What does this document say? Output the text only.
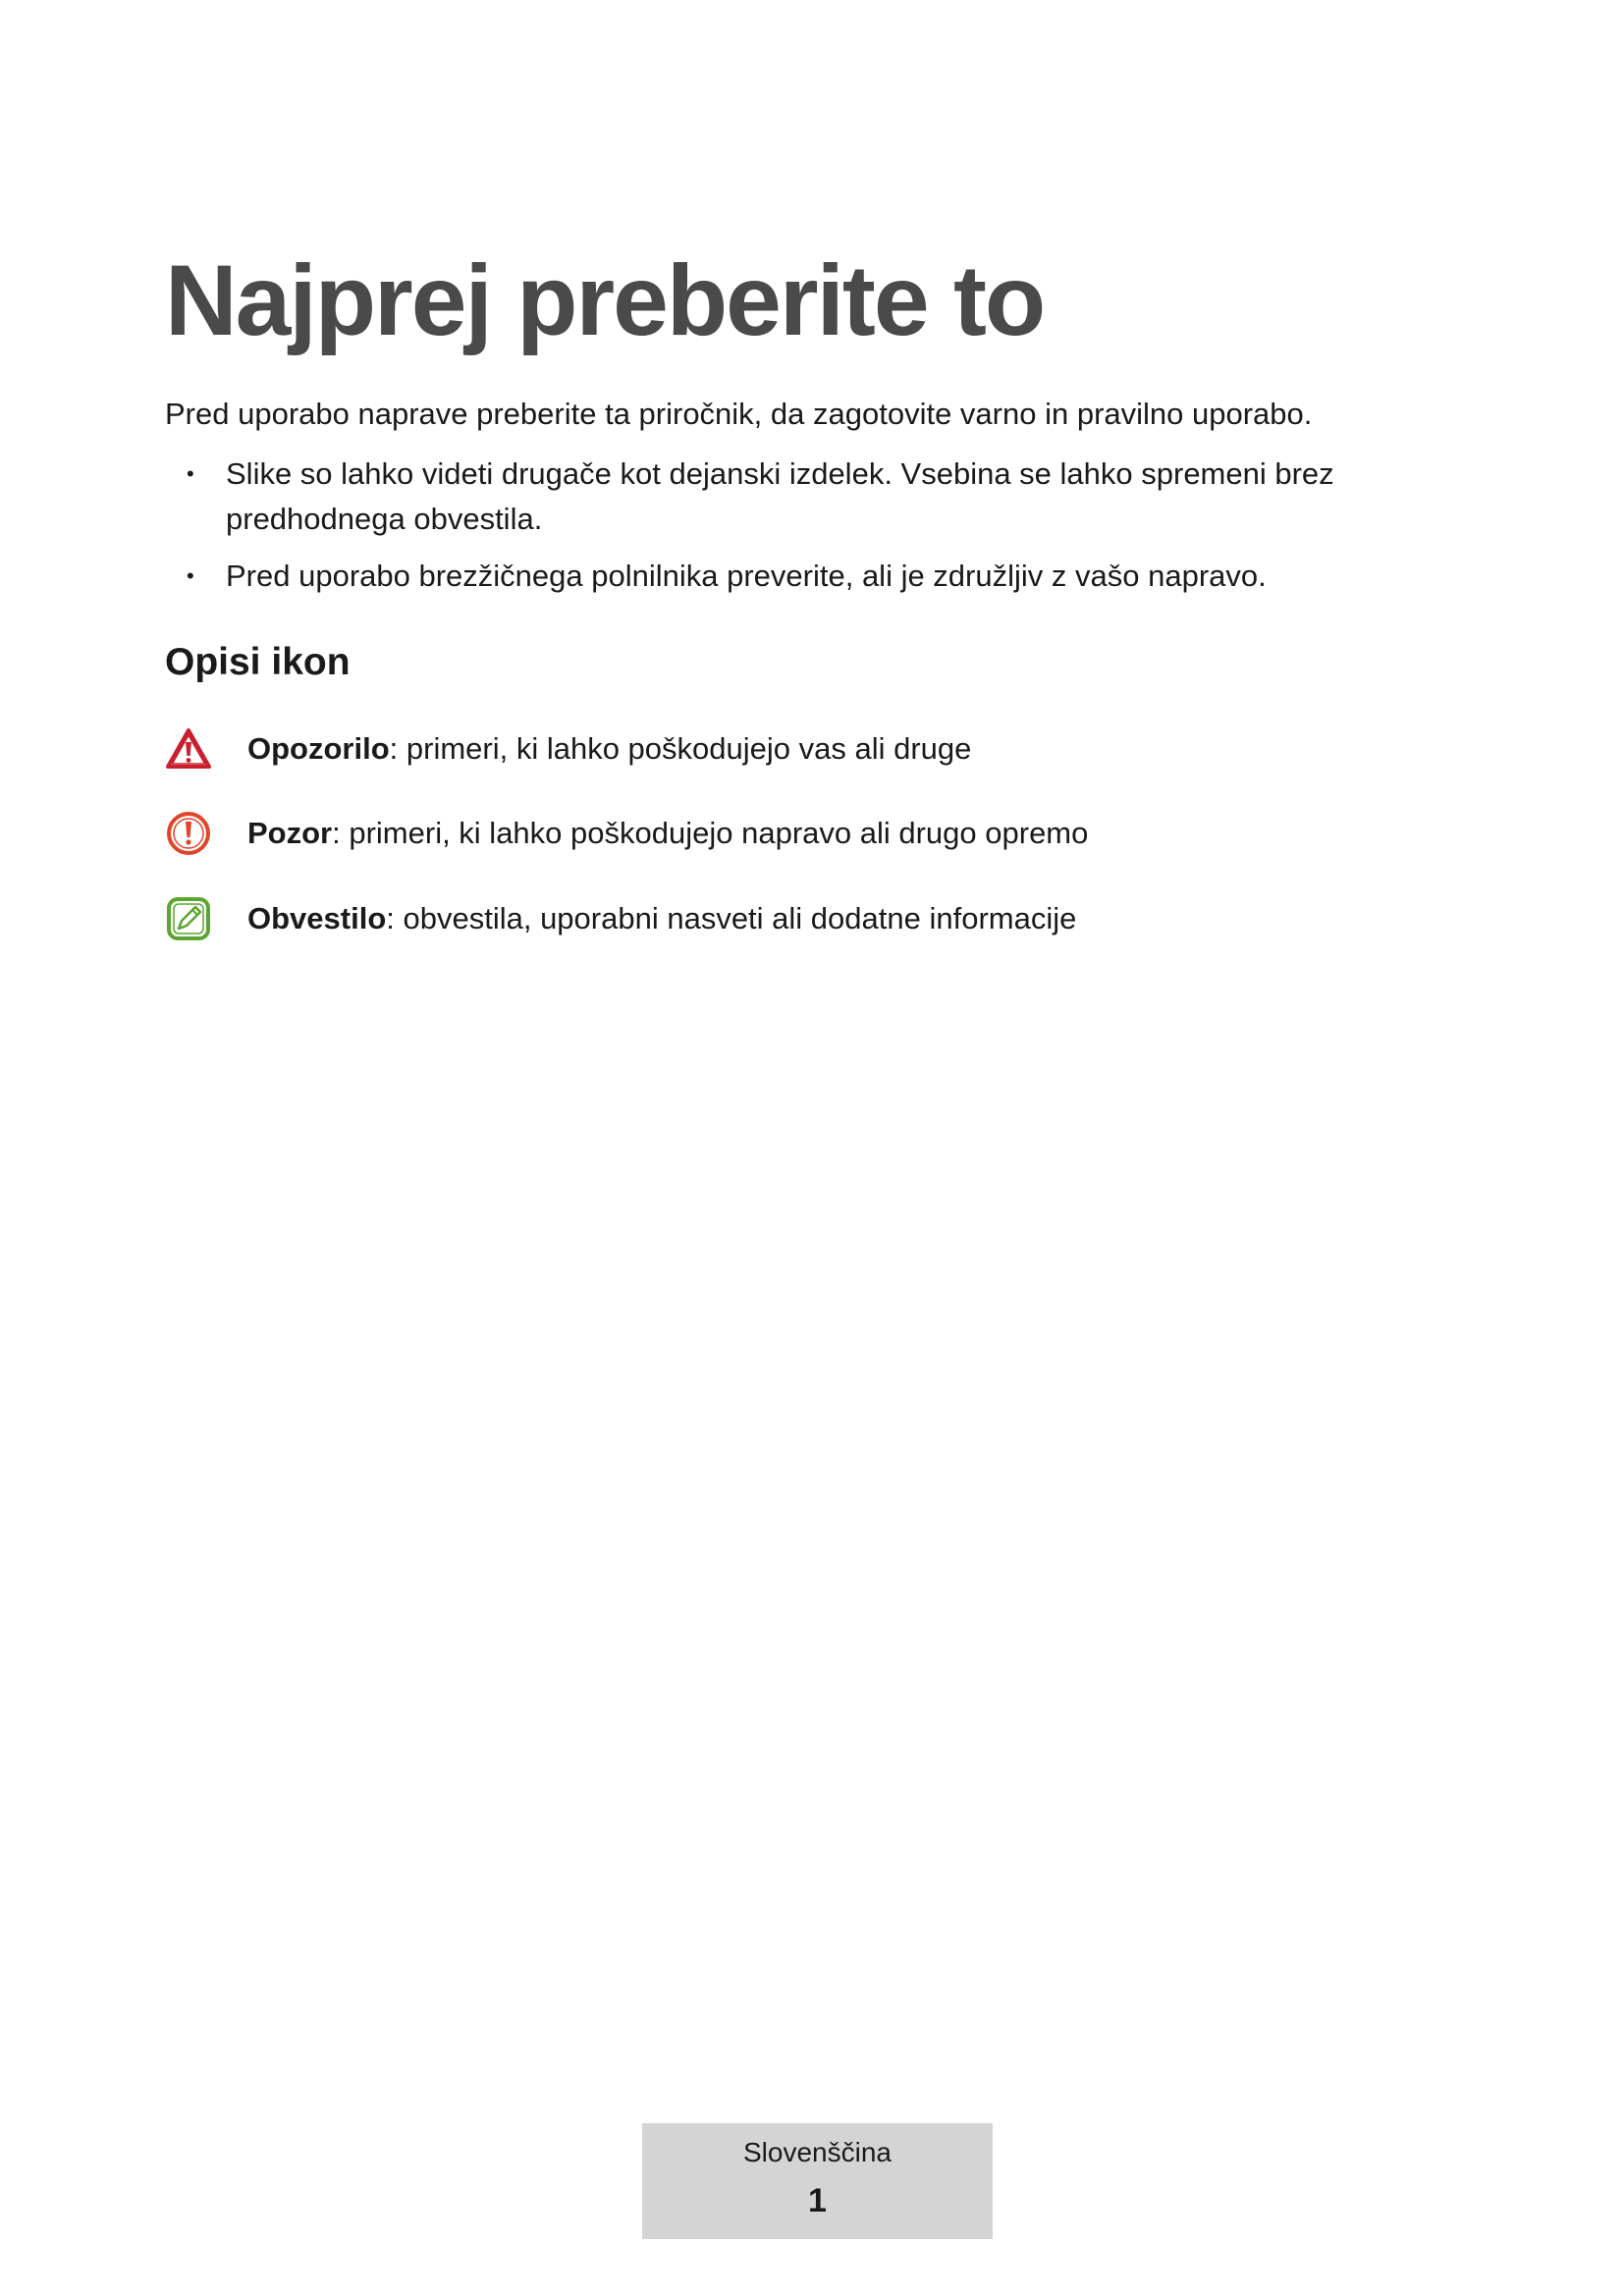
Najprej preberite to

Pred uporabo naprave preberite ta priročnik, da zagotovite varno in pravilno uporabo.

• Slike so lahko videti drugače kot dejanski izdelek. Vsebina se lahko spremeni brez predhodnega obvestila.
• Pred uporabo brezžičnega polnilnika preverite, ali je združljiv z vašo napravo.
Opisi ikon
Opozorilo: primeri, ki lahko poškodujejo vas ali druge
Pozor: primeri, ki lahko poškodujejo napravo ali drugo opremo
Obvestilo: obvestila, uporabni nasveti ali dodatne informacije
Slovenščina
1
